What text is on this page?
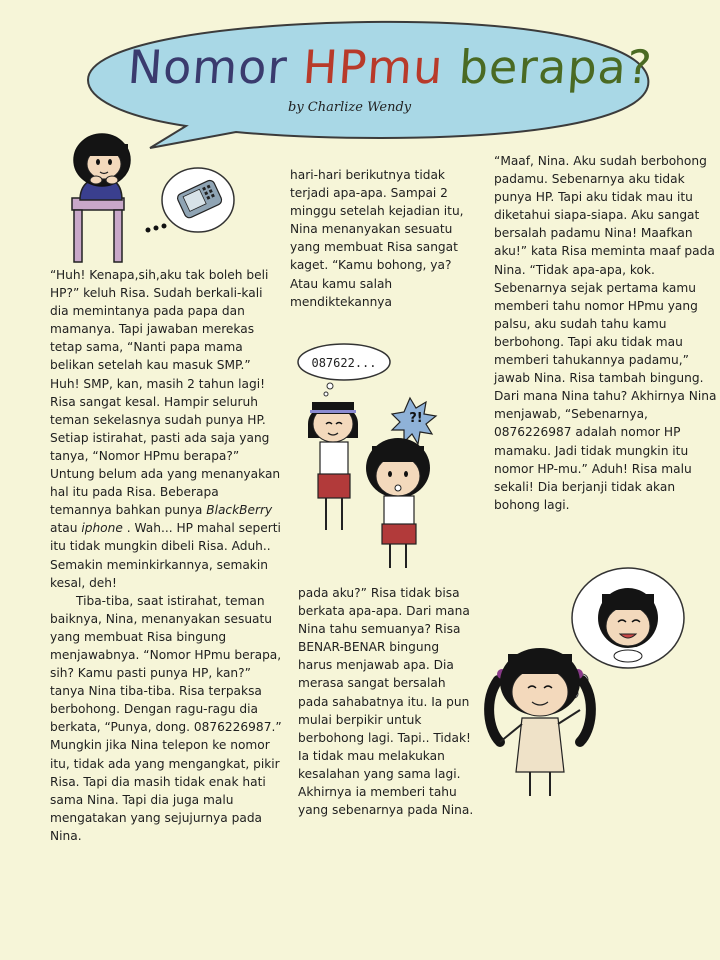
Nomor HPmu berapa?
by Charlize Wendy

“Huh! Kenapa,sih,aku tak boleh beli HP?” keluh Risa. Sudah berkali-kali dia memintanya pada papa dan mamanya. Tapi jawaban merekas tetap sama, “Nanti papa mama belikan setelah kau masuk SMP.” Huh! SMP, kan, masih 2 tahun lagi! Risa sangat kesal. Hampir seluruh teman sekelasnya sudah punya HP. Setiap istirahat, pasti ada saja yang tanya, “Nomor HPmu berapa?” Untung belum ada yang menanyakan hal itu pada Risa. Beberapa temannya bahkan punya BlackBerry atau iphone . Wah... HP mahal seperti itu tidak mungkin dibeli Risa. Aduh.. Semakin meminkirkannya, semakin kesal, deh!

Tiba-tiba, saat istirahat, teman baiknya, Nina, menanyakan sesuatu yang membuat Risa bingung menjawabnya. “Nomor HPmu berapa, sih? Kamu pasti punya HP, kan?” tanya Nina tiba-tiba. Risa terpaksa berbohong. Dengan ragu-ragu dia berkata, “Punya, dong. 0876226987.” Mungkin jika Nina telepon ke nomor itu, tidak ada yang mengangkat, pikir Risa. Tapi dia masih tidak enak hati sama Nina. Tapi dia juga malu mengatakan yang sejujurnya pada Nina.

hari-hari berikutnya tidak terjadi apa-apa. Sampai 2 minggu setelah kejadian itu, Nina menanyakan sesuatu yang membuat Risa sangat kaget. “Kamu bohong, ya? Atau kamu salah mendiktekannya

087622...
?!

pada aku?” Risa tidak bisa berkata apa-apa. Dari mana Nina tahu semuanya? Risa BENAR-BENAR bingung harus menjawab apa. Dia merasa sangat bersalah pada sahabatnya itu. Ia pun mulai berpikir untuk berbohong lagi. Tapi.. Tidak! Ia tidak mau melakukan kesalahan yang sama lagi. Akhirnya ia memberi tahu yang sebenarnya pada Nina.

“Maaf, Nina. Aku sudah berbohong padamu. Sebenarnya aku tidak punya HP. Tapi aku tidak mau itu diketahui siapa-siapa. Aku sangat bersalah padamu Nina! Maafkan aku!” kata Risa meminta maaf pada Nina. “Tidak apa-apa, kok. Sebenarnya sejak pertama kamu memberi tahu nomor HPmu yang palsu, aku sudah tahu kamu berbohong. Tapi aku tidak mau memberi tahukannya padamu,” jawab Nina. Risa tambah bingung. Dari mana Nina tahu? Akhirnya Nina menjawab, “Sebenarnya, 0876226987 adalah nomor HP mamaku. Jadi tidak mungkin itu nomor HP-mu.” Aduh! Risa malu sekali! Dia berjanji tidak akan bohong lagi.
